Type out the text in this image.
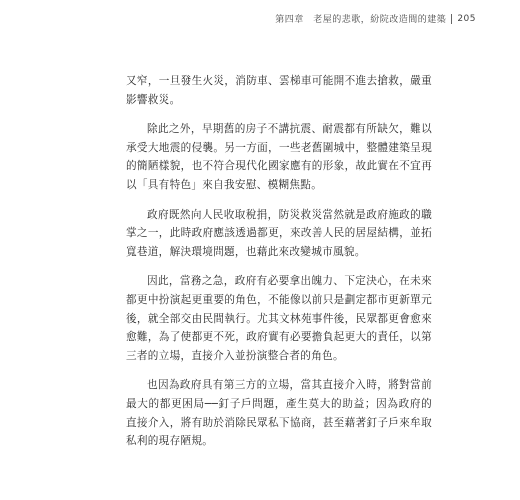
第四章　老屋的悲歌，紛院改造間的建築 205

又窄，一旦發生火災，消防車、雲梯車可能開不進去搶救，嚴重影響救災。

除此之外，早期舊的房子不講抗震、耐震都有所缺欠，難以承受大地震的侵襲。另一方面，一些老舊圍城中，整體建築呈現的簡陋樣貌，也不符合現代化國家應有的形象，故此實在不宜再以「具有特色」來自我安慰、模糊焦點。

政府既然向人民收取稅捐，防災救災當然就是政府施政的職掌之一，此時政府應該透過都更，來改善人民的居屋結構，並拓寬巷道，解決環境問題，也藉此來改變城市風貌。

因此，當務之急，政府有必要拿出魄力、下定決心，在未來都更中扮演起更重要的角色，不能像以前只是劃定都市更新單元後，就全部交由民間執行。尤其文林苑事件後，民眾都更會愈來愈難，為了使都更不死，政府實有必要擔負起更大的責任，以第三者的立場，直接介入並扮演整合者的角色。

也因為政府具有第三方的立場，當其直接介入時，將對當前最大的都更困局──釘子戶問題，產生莫大的助益；因為政府的直接介入，將有助於消除民眾私下協商，甚至藉著釘子戶來牟取私利的現存陋規。
